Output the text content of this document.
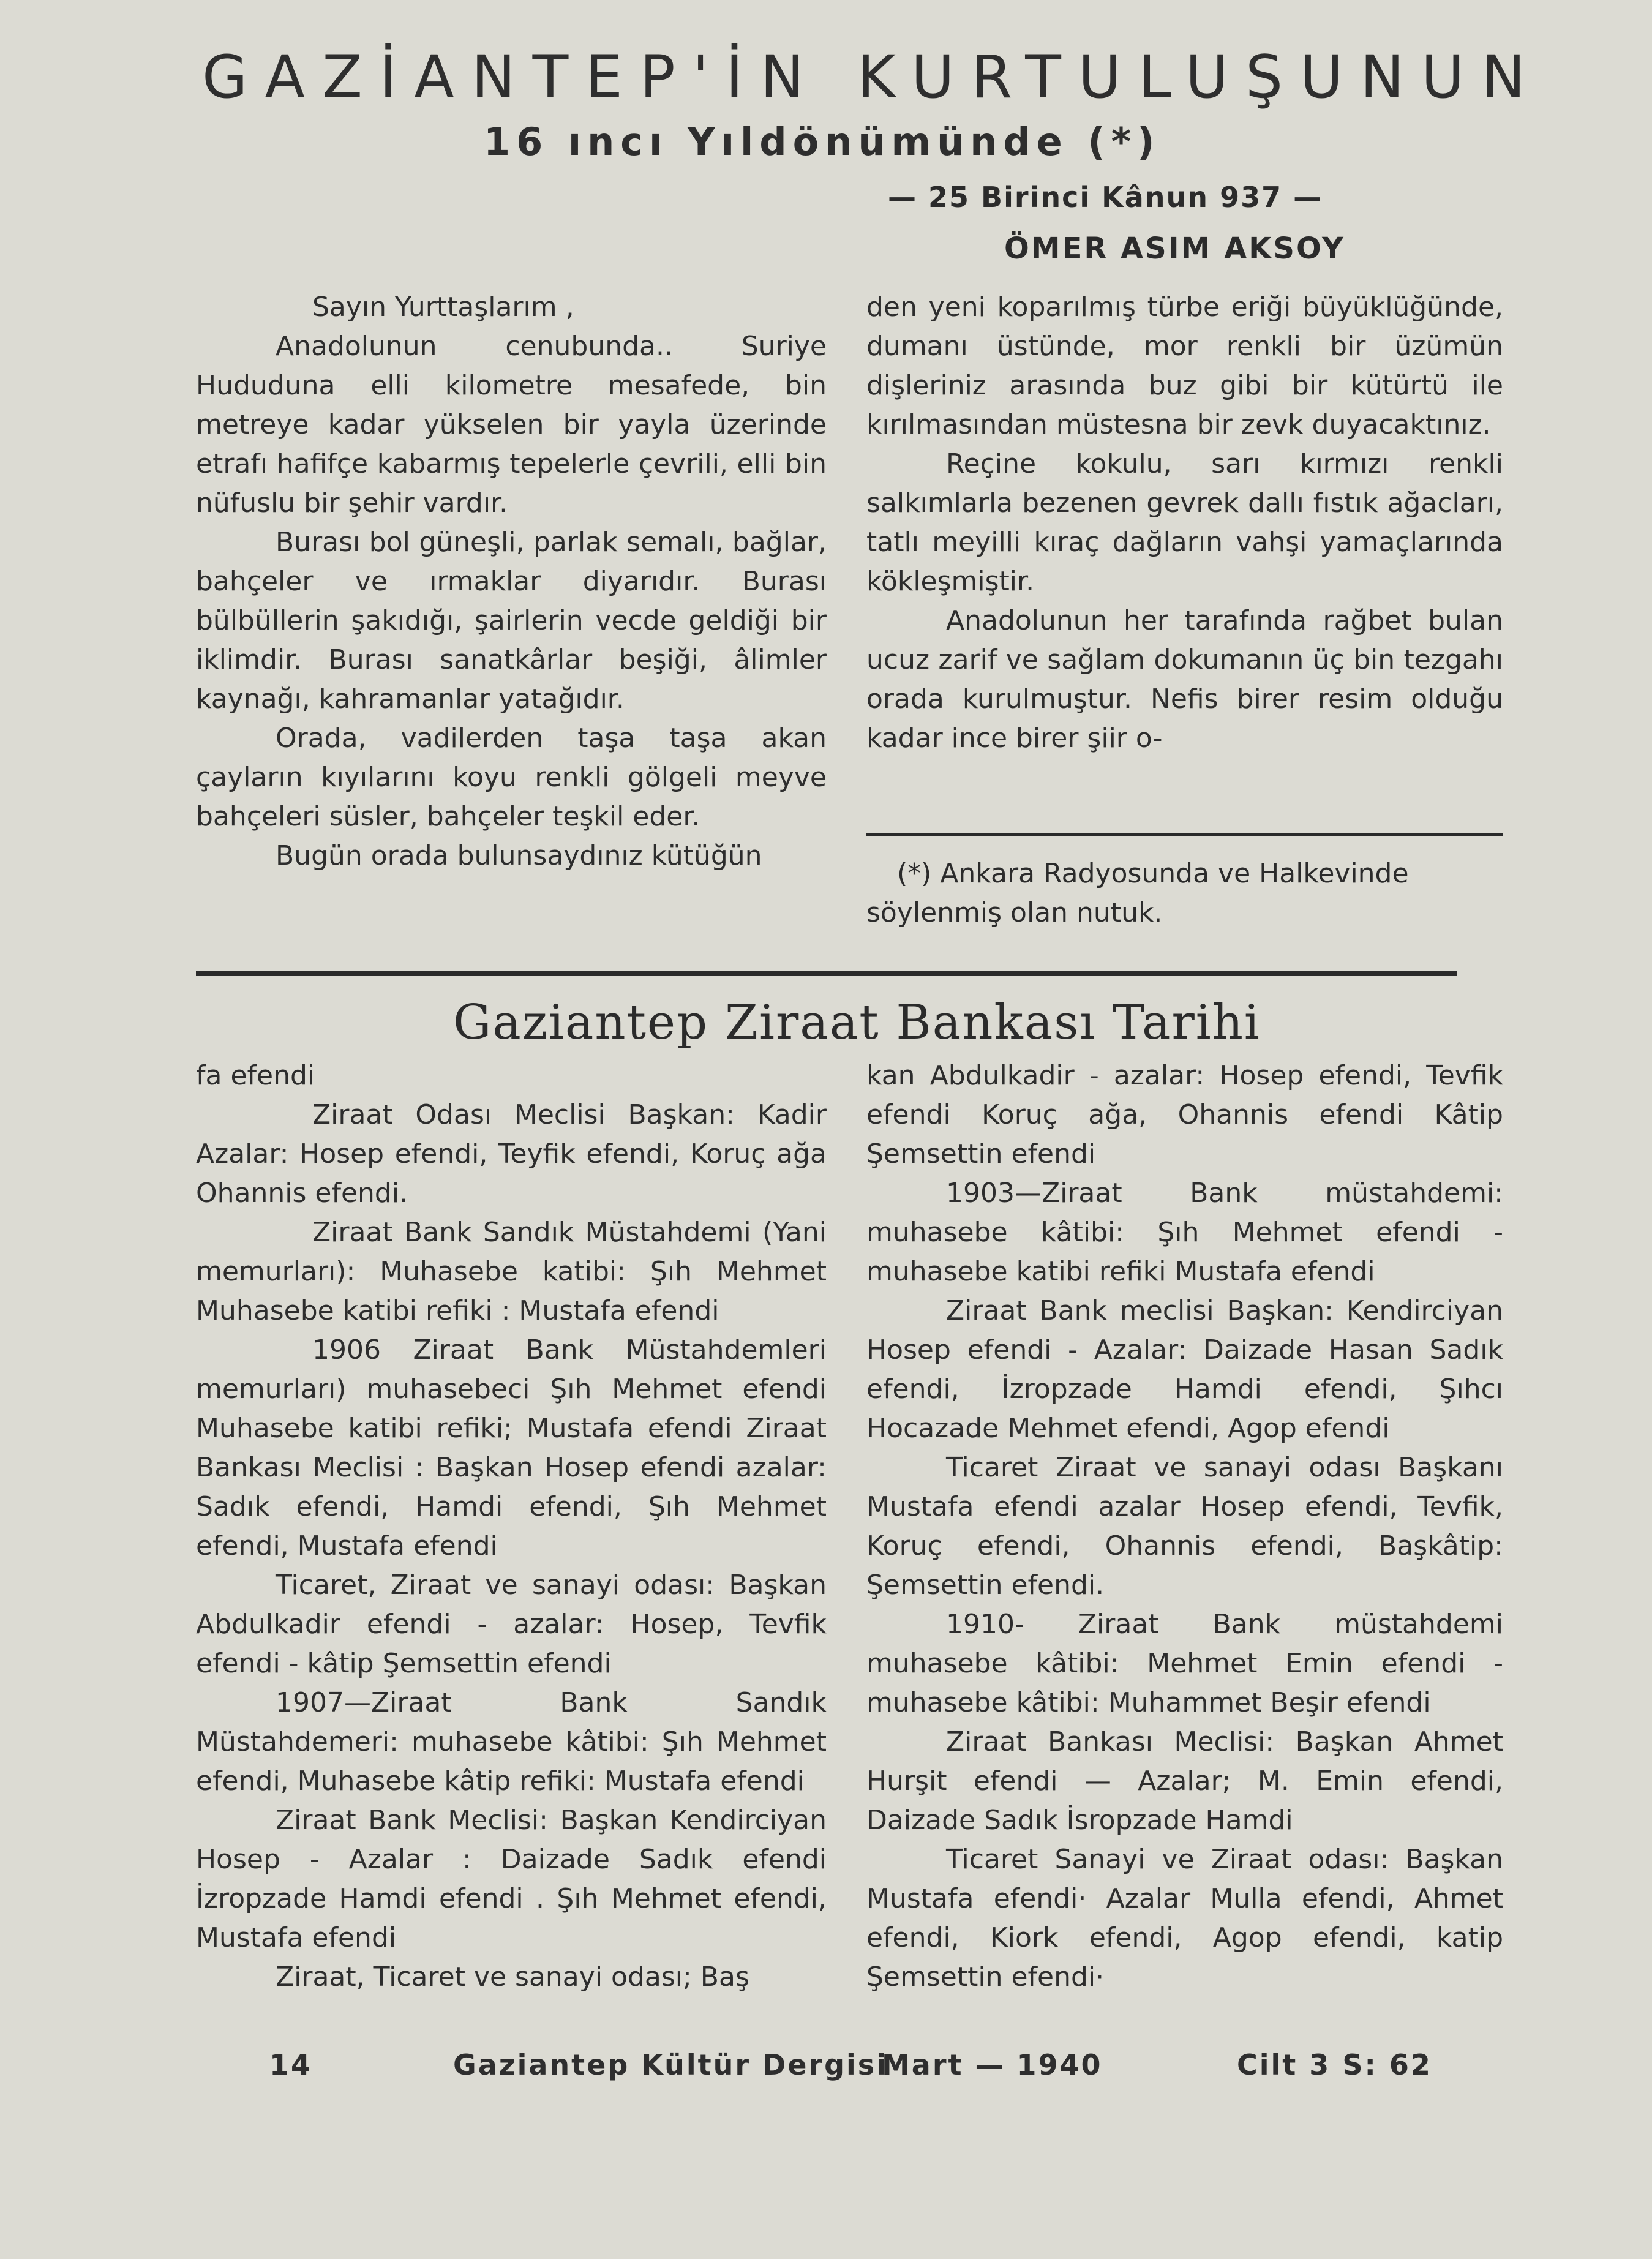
GAZİANTEP'İN KURTULUŞUNUN
16 ıncı Yıldönümünde (*)
— 25 Birinci Kânun 937 —
ÖMER ASIM AKSOY

Sayın Yurttaşlarım ,

Anadolunun cenubunda.. Suriye Hududuna elli kilometre mesafede, bin metreye kadar yükselen bir yayla üzerinde etrafı hafifçe kabarmış tepelerle çevrili, elli bin nüfuslu bir şehir vardır.

Burası bol güneşli, parlak semalı, bağlar, bahçeler ve ırmaklar diyarıdır. Burası bülbüllerin şakıdığı, şairlerin vecde geldiği bir iklimdir. Burası sanatkârlar beşiği, âlimler kaynağı, kahramanlar yatağıdır.

Orada, vadilerden taşa taşa akan çayların kıyılarını koyu renkli gölgeli meyve bahçeleri süsler, bahçeler teşkil eder.

Bugün orada bulunsaydınız kütüğün

den yeni koparılmış türbe eriği büyüklüğünde, dumanı üstünde, mor renkli bir üzümün dişleriniz arasında buz gibi bir kütürtü ile kırılmasından müstesna bir zevk duyacaktınız.

Reçine kokulu, sarı kırmızı renkli salkımlarla bezenen gevrek dallı fıstık ağacları, tatlı meyilli kıraç dağların vahşi yamaçlarında kökleşmiştir.

Anadolunun her tarafında rağbet bulan ucuz zarif ve sağlam dokumanın üç bin tezgahı orada kurulmuştur. Nefis birer resim olduğu kadar ince birer şiir o-

(*) Ankara Radyosunda ve Halkevinde söylenmiş olan nutuk.

Gaziantep Ziraat Bankası Tarihi

fa efendi

Ziraat Odası Meclisi Başkan: Kadir Azalar: Hosep efendi, Teyfik efendi, Koruç ağa Ohannis efendi.

Ziraat Bank Sandık Müstahdemi (Yani memurları): Muhasebe katibi: Şıh Mehmet Muhasebe katibi refiki : Mustafa efendi

1906 Ziraat Bank Müstahdemleri memurları) muhasebeci Şıh Mehmet efendi Muhasebe katibi refiki; Mustafa efendi Ziraat Bankası Meclisi : Başkan Hosep efendi azalar: Sadık efendi, Hamdi efendi, Şıh Mehmet efendi, Mustafa efendi

Ticaret, Ziraat ve sanayi odası: Başkan Abdulkadir efendi - azalar: Hosep, Tevfik efendi - kâtip Şemsettin efendi

1907—Ziraat Bank Sandık Müstahdemeri: muhasebe kâtibi: Şıh Mehmet efendi, Muhasebe kâtip refiki: Mustafa efendi

Ziraat Bank Meclisi: Başkan Kendirciyan Hosep - Azalar : Daizade Sadık efendi İzropzade Hamdi efendi . Şıh Mehmet efendi, Mustafa efendi

Ziraat, Ticaret ve sanayi odası; Baş

kan Abdulkadir - azalar: Hosep efendi, Tevfik efendi Koruç ağa, Ohannis efendi Kâtip Şemsettin efendi

1903—Ziraat Bank müstahdemi: muhasebe kâtibi: Şıh Mehmet efendi - muhasebe katibi refiki Mustafa efendi

Ziraat Bank meclisi Başkan: Kendirciyan Hosep efendi - Azalar: Daizade Hasan Sadık efendi, İzropzade Hamdi efendi, Şıhcı Hocazade Mehmet efendi, Agop efendi

Ticaret Ziraat ve sanayi odası Başkanı Mustafa efendi azalar Hosep efendi, Tevfik, Koruç efendi, Ohannis efendi, Başkâtip: Şemsettin efendi.

1910- Ziraat Bank müstahdemi muhasebe kâtibi: Mehmet Emin efendi - muhasebe kâtibi: Muhammet Beşir efendi

Ziraat Bankası Meclisi: Başkan Ahmet Hurşit efendi — Azalar; M. Emin efendi, Daizade Sadık İsropzade Hamdi

Ticaret Sanayi ve Ziraat odası: Başkan Mustafa efendi· Azalar Mulla efendi, Ahmet efendi, Kiork efendi, Agop efendi, katip Şemsettin efendi·

14	Gaziantep Kültür Dergisi
Mart — 1940	Cilt 3 S: 62
